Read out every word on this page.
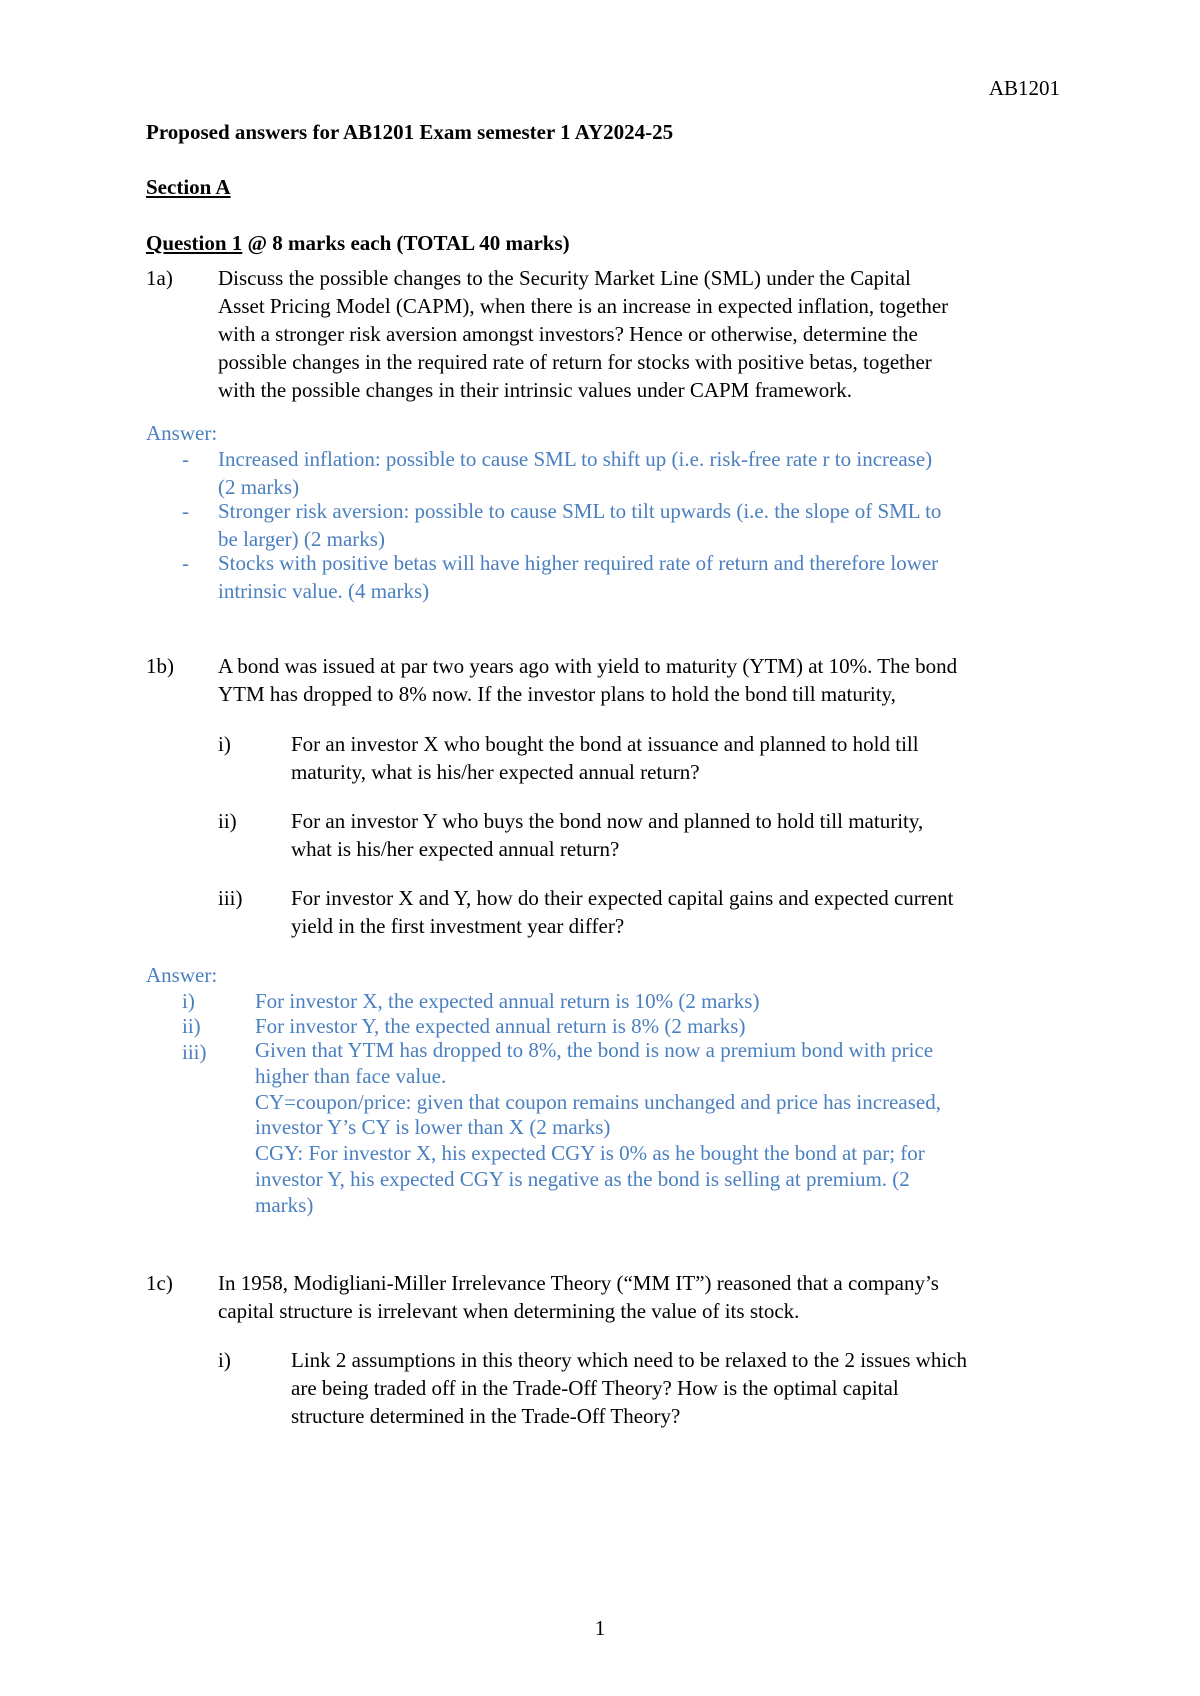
AB1201
Proposed answers for AB1201 Exam semester 1 AY2024-25
Section A
Question 1 @ 8 marks each (TOTAL 40 marks)
1a) Discuss the possible changes to the Security Market Line (SML) under the Capital
Asset Pricing Model (CAPM), when there is an increase in expected inflation, together
with a stronger risk aversion amongst investors? Hence or otherwise, determine the
possible changes in the required rate of return for stocks with positive betas, together
with the possible changes in their intrinsic values under CAPM framework.
Answer:
- Increased inflation: possible to cause SML to shift up (i.e. risk-free rate r to increase)
(2 marks)
- Stronger risk aversion: possible to cause SML to tilt upwards (i.e. the slope of SML to
be larger) (2 marks)
- Stocks with positive betas will have higher required rate of return and therefore lower
intrinsic value. (4 marks)
1b) A bond was issued at par two years ago with yield to maturity (YTM) at 10%. The bond
YTM has dropped to 8% now. If the investor plans to hold the bond till maturity,
i)	For an investor X who bought the bond at issuance and planned to hold till
maturity, what is his/her expected annual return?
ii)	For an investor Y who buys the bond now and planned to hold till maturity,
what is his/her expected annual return?
iii) For investor X and Y, how do their expected capital gains and expected current
yield in the first investment year differ?
Answer:
i)	For investor X, the expected annual return is 10% (2 marks)
ii)	For investor Y, the expected annual return is 8% (2 marks)
iii) Given that YTM has dropped to 8%, the bond is now a premium bond with price
higher than face value.
CY=coupon/price: given that coupon remains unchanged and price has increased,
investor Y’s CY is lower than X (2 marks)
CGY: For investor X, his expected CGY is 0% as he bought the bond at par; for
investor Y, his expected CGY is negative as the bond is selling at premium. (2
marks)
1c) In 1958, Modigliani-Miller Irrelevance Theory (“MM IT”) reasoned that a company’s
capital structure is irrelevant when determining the value of its stock.
i)	Link 2 assumptions in this theory which need to be relaxed to the 2 issues which
are being traded off in the Trade-Off Theory? How is the optimal capital
structure determined in the Trade-Off Theory?
1
